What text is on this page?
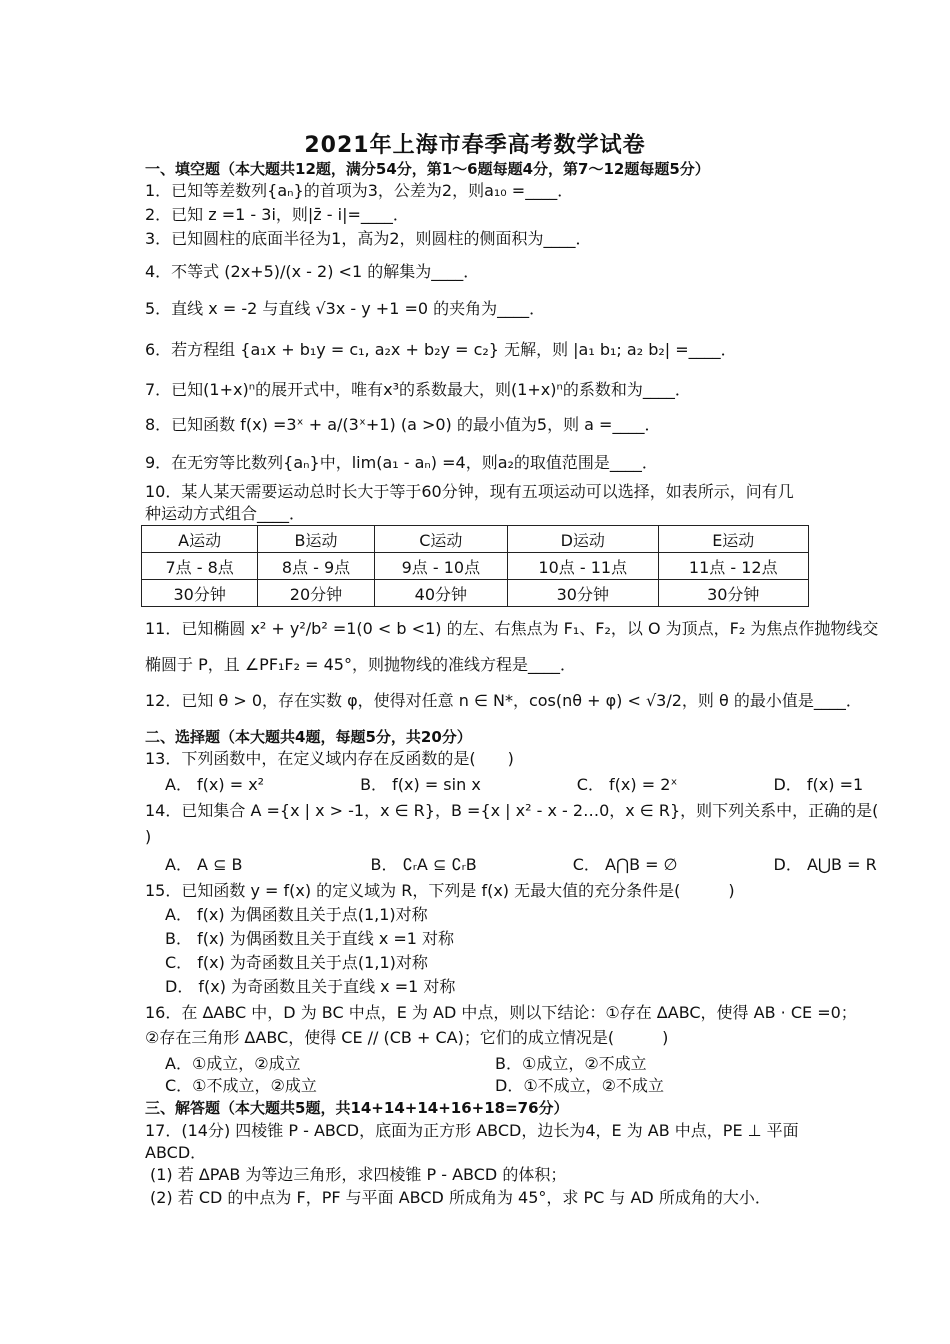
2021年上海市春季高考数学试卷
一、填空题（本大题共12题，满分54分，第1～6题每题4分，第7～12题每题5分）
1．已知等差数列{aₙ}的首项为3，公差为2，则a₁₀ =____．
2．已知 z =1 - 3i，则|z̄ - i|=____．
3．已知圆柱的底面半径为1，高为2，则圆柱的侧面积为____．
4．不等式 (2x+5)/(x - 2) <1 的解集为____．
5．直线 x = -2 与直线 √3x - y +1 =0 的夹角为____．
6．若方程组 {a₁x + b₁y = c₁, a₂x + b₂y = c₂} 无解，则 |a₁ b₁; a₂ b₂| =____．
7．已知(1+x)ⁿ的展开式中，唯有x³的系数最大，则(1+x)ⁿ的系数和为____．
8．已知函数 f(x) =3ˣ + a/(3ˣ+1) (a >0) 的最小值为5，则 a =____．
9．在无穷等比数列{aₙ}中，lim(a₁ - aₙ) =4，则a₂的取值范围是____．
10．某人某天需要运动总时长大于等于60分钟，现有五项运动可以选择，如表所示，问有几
种运动方式组合____．
A运动	B运动	C运动	D运动	E运动
7点 - 8点	8点 - 9点	9点 - 10点	10点 - 11点	11点 - 12点
30分钟	20分钟	40分钟	30分钟	30分钟
11．已知椭圆 x² + y²/b² =1(0 < b <1) 的左、右焦点为 F₁、F₂，以 O 为顶点，F₂ 为焦点作抛物线交
椭圆于 P，且 ∠PF₁F₂ = 45°，则抛物线的准线方程是____．
12．已知 θ > 0，存在实数 φ，使得对任意 n ∈ N*，cos(nθ + φ) < √3/2，则 θ 的最小值是____．
二、选择题（本大题共4题，每题5分，共20分）
13．下列函数中，在定义域内存在反函数的是(　　)
A． f(x) = x²　　　　　　B． f(x) = sin x　　　　　　C． f(x) = 2ˣ　　　　　　D． f(x) =1
14．已知集合 A ={x | x > -1，x ∈ R}，B ={x | x² - x - 2…0，x ∈ R}，则下列关系中，正确的是(
)
A． A ⊆ B　　　　　　　　B． ∁ᵣA ⊆ ∁ᵣB　　　　　　C． A⋂B = ∅　　　　　　D． A⋃B = R
15．已知函数 y = f(x) 的定义域为 R，下列是 f(x) 无最大值的充分条件是(　　　)
A． f(x) 为偶函数且关于点(1,1)对称
B． f(x) 为偶函数且关于直线 x =1 对称
C． f(x) 为奇函数且关于点(1,1)对称
D． f(x) 为奇函数且关于直线 x =1 对称
16．在 ΔABC 中，D 为 BC 中点，E 为 AD 中点，则以下结论：①存在 ΔABC，使得 AB · CE =0；
②存在三角形 ΔABC，使得 CE // (CB + CA)；它们的成立情况是(　　　)
A．①成立，②成立	B．①成立，②不成立
C．①不成立，②成立	D．①不成立，②不成立
三、解答题（本大题共5题，共14+14+14+16+18=76分）
17．(14分) 四棱锥 P - ABCD，底面为正方形 ABCD，边长为4，E 为 AB 中点，PE ⊥ 平面
ABCD．
(1) 若 ΔPAB 为等边三角形，求四棱锥 P - ABCD 的体积；
(2) 若 CD 的中点为 F，PF 与平面 ABCD 所成角为 45°，求 PC 与 AD 所成角的大小．
